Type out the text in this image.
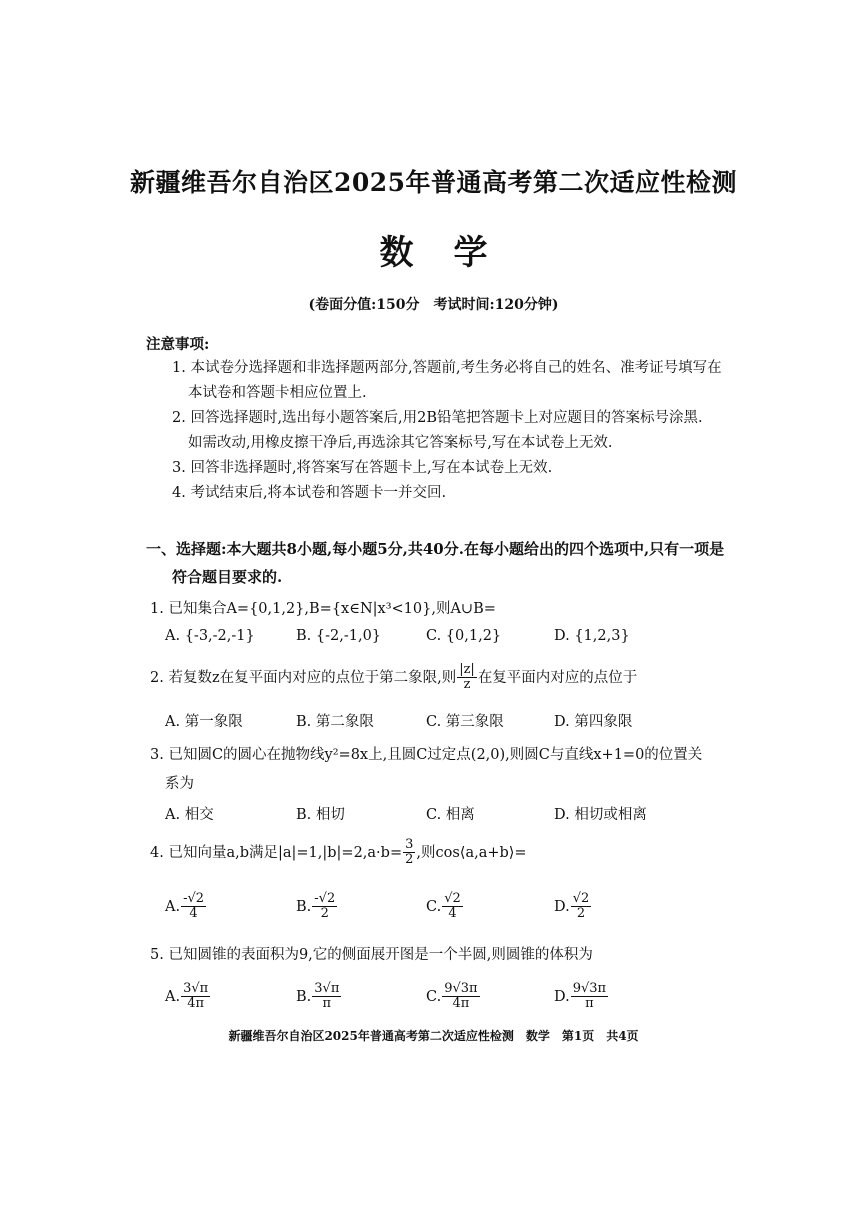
新疆维吾尔自治区2025年普通高考第二次适应性检测
数学
(卷面分值:150分　考试时间:120分钟)
注意事项:
1. 本试卷分选择题和非选择题两部分,答题前,考生务必将自己的姓名、准考证号填写在
本试卷和答题卡相应位置上.
2. 回答选择题时,选出每小题答案后,用2B铅笔把答题卡上对应题目的答案标号涂黑.
如需改动,用橡皮擦干净后,再选涂其它答案标号,写在本试卷上无效.
3. 回答非选择题时,将答案写在答题卡上,写在本试卷上无效.
4. 考试结束后,将本试卷和答题卡一并交回.
一、选择题:本大题共8小题,每小题5分,共40分.在每小题给出的四个选项中,只有一项是
符合题目要求的.
1. 已知集合A={0,1,2},B={x∈N|x³<10},则A∪B=
A. {-3,-2,-1}	B. {-2,-1,0}	C. {0,1,2}	D. {1,2,3}
2. 若复数z在复平面内对应的点位于第二象限,则 $\frac{|z|}{z}$ 在复平面内对应的点位于
A. 第一象限	B. 第二象限	C. 第三象限	D. 第四象限
3. 已知圆C的圆心在抛物线y²=8x上,且圆C过定点(2,0),则圆C与直线x+1=0的位置关
系为
A. 相交	B. 相切	C. 相离	D. 相切或相离
4. 已知向量a,b满足$|a|=1,|b|=2,a\cdot b= \frac{3}{2}$ ,则cos⟨a,a+b⟩=
A. $\frac{-√2}{4}$	B. $\frac{-√2}{2}$	C. $\frac{√2}{4}$	D. $\frac{√2}{2}$
5. 已知圆锥的表面积为9,它的侧面展开图是一个半圆,则圆锥的体积为
A. $\frac{3√\pi}{4\pi}$	B. $\frac{3√\pi}{\pi}$	C. $\frac{9√3\pi}{4\pi}$	D. $\frac{9√3\pi}{\pi}$
新疆维吾尔自治区2025年普通高考第二次适应性检测　数学　第1页　共4页
